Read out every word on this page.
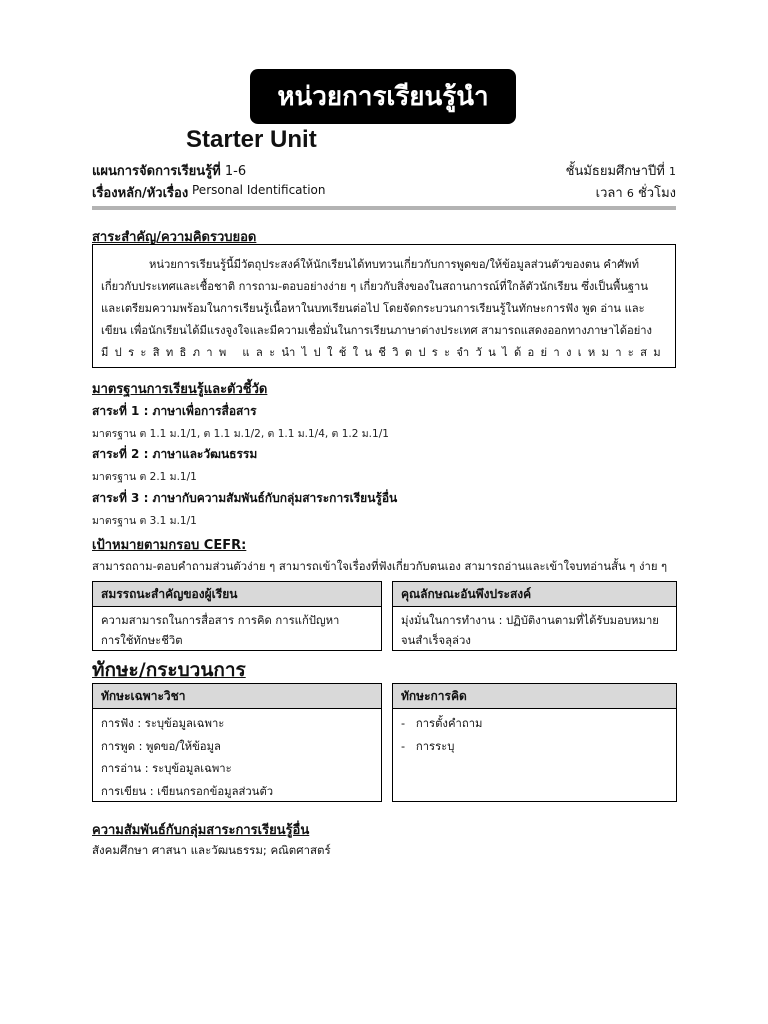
หน่วยการเรียนรู้นำ
Starter Unit
แผนการจัดการเรียนรู้ที่ 1-6	ชั้นมัธยมศึกษาปีที่ 1
เรื่องหลัก/หัวเรื่อง Personal Identification	เวลา 6 ชั่วโมง
สาระสำคัญ/ความคิดรวบยอด
หน่วยการเรียนรู้นี้มีวัตถุประสงค์ให้นักเรียนได้ทบทวนเกี่ยวกับการพูดขอ/ให้ข้อมูลส่วนตัวของตน คำศัพท์
เกี่ยวกับประเทศและเชื้อชาติ การถาม-ตอบอย่างง่าย ๆ เกี่ยวกับสิ่งของในสถานการณ์ที่ใกล้ตัวนักเรียน ซึ่งเป็นพื้นฐาน
และเตรียมความพร้อมในการเรียนรู้เนื้อหาในบทเรียนต่อไป โดยจัดกระบวนการเรียนรู้ในทักษะการฟัง พูด อ่าน และ
เขียน เพื่อนักเรียนได้มีแรงจูงใจและมีความเชื่อมั่นในการเรียนภาษาต่างประเทศ สามารถแสดงออกทางภาษาได้อย่าง
มีประสิทธิภาพ และนำไปใช้ในชีวิตประจำวันได้อย่างเหมาะสม
มาตรฐานการเรียนรู้และตัวชี้วัด
สาระที่ 1 : ภาษาเพื่อการสื่อสาร
มาตรฐาน ต 1.1 ม.1/1, ต 1.1 ม.1/2, ต 1.1 ม.1/4, ต 1.2 ม.1/1
สาระที่ 2 : ภาษาและวัฒนธรรม
มาตรฐาน ต 2.1 ม.1/1
สาระที่ 3 : ภาษากับความสัมพันธ์กับกลุ่มสาระการเรียนรู้อื่น
มาตรฐาน ต 3.1 ม.1/1
เป้าหมายตามกรอบ CEFR:
สามารถถาม-ตอบคำถามส่วนตัวง่าย ๆ สามารถเข้าใจเรื่องที่ฟังเกี่ยวกับตนเอง สามารถอ่านและเข้าใจบทอ่านสั้น ๆ ง่าย ๆ
สมรรถนะสำคัญของผู้เรียน
ความสามารถในการสื่อสาร การคิด การแก้ปัญหา
การใช้ทักษะชีวิต
คุณลักษณะอันพึงประสงค์
มุ่งมั่นในการทำงาน : ปฏิบัติงานตามที่ได้รับมอบหมาย
จนสำเร็จลุล่วง
ทักษะ/กระบวนการ
ทักษะเฉพาะวิชา
การฟัง : ระบุข้อมูลเฉพาะ
การพูด : พูดขอ/ให้ข้อมูล
การอ่าน : ระบุข้อมูลเฉพาะ
การเขียน : เขียนกรอกข้อมูลส่วนตัว
ทักษะการคิด
-   การตั้งคำถาม
-   การระบุ
ความสัมพันธ์กับกลุ่มสาระการเรียนรู้อื่น
สังคมศึกษา ศาสนา และวัฒนธรรม; คณิตศาสตร์
